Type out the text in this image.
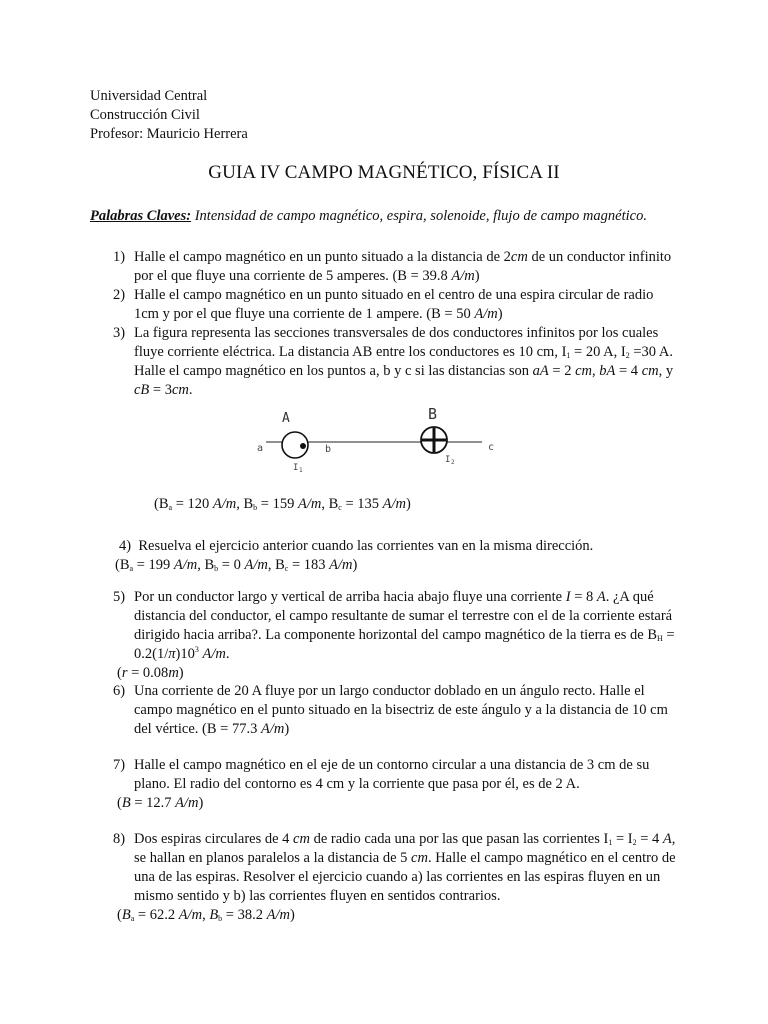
Universidad Central
Construcción Civil
Profesor: Mauricio Herrera
GUIA IV CAMPO MAGNÉTICO, FÍSICA II
Palabras Claves: Intensidad de campo magnético, espira, solenoide, flujo de campo magnético.
1) Halle el campo magnético en un punto situado a la distancia de 2cm de un conductor infinito
por el que fluye una corriente de 5 amperes. (B = 39.8 A/m)
2) Halle el campo magnético en un punto situado en el centro de una espira circular de radio
1cm y por el que fluye una corriente de 1 ampere. (B = 50 A/m)
3) La figura representa las secciones transversales de dos conductores infinitos por los cuales
fluye corriente eléctrica. La distancia AB entre los conductores es 10 cm, $I_1 = 20$ A, $I_2 =30$ A.
Halle el campo magnético en los puntos a, b y c si las distancias son aA = 2 cm, bA = 4 cm, y
cB = 3cm.
A	B
a	b	c
I 1
I 2
($B_a = 120$ A/m, $B_b = 159$ A/m, $B_c = 135$ A/m)
4) Resuelva el ejercicio anterior cuando las corrientes van en la misma dirección.
($B_a = 199$ A/m, $B_b = 0$ A/m, $B_c = 183$ A/m)
5) Por un conductor largo y vertical de arriba hacia abajo fluye una corriente I = 8 A. ¿A qué
distancia del conductor, el campo resultante de sumar el terrestre con el de la corriente estará
dirigido hacia arriba?. La componente horizontal del campo magnético de la tierra es de $B_H$ =
$0.2(1/\pi)10^3$ A/m.
(r = 0.08m)
6) Una corriente de 20 A fluye por un largo conductor doblado en un ángulo recto. Halle el
campo magnético en el punto situado en la bisectriz de este ángulo y a la distancia de 10 cm
del vértice. (B = 77.3 A/m)
7) Halle el campo magnético en el eje de un contorno circular a una distancia de 3 cm de su
plano. El radio del contorno es 4 cm y la corriente que pasa por él, es de 2 A.
(B = 12.7 A/m)
8) Dos espiras circulares de 4 cm de radio cada una por las que pasan las corrientes $I_1 = I_2 = 4$ A,
se hallan en planos paralelos a la distancia de 5 cm. Halle el campo magnético en el centro de
una de las espiras. Resolver el ejercicio cuando a) las corrientes en las espiras fluyen en un
mismo sentido y b) las corrientes fluyen en sentidos contrarios.
($B_a = 62.2$ A/m, $B_b = 38.2$ A/m)
